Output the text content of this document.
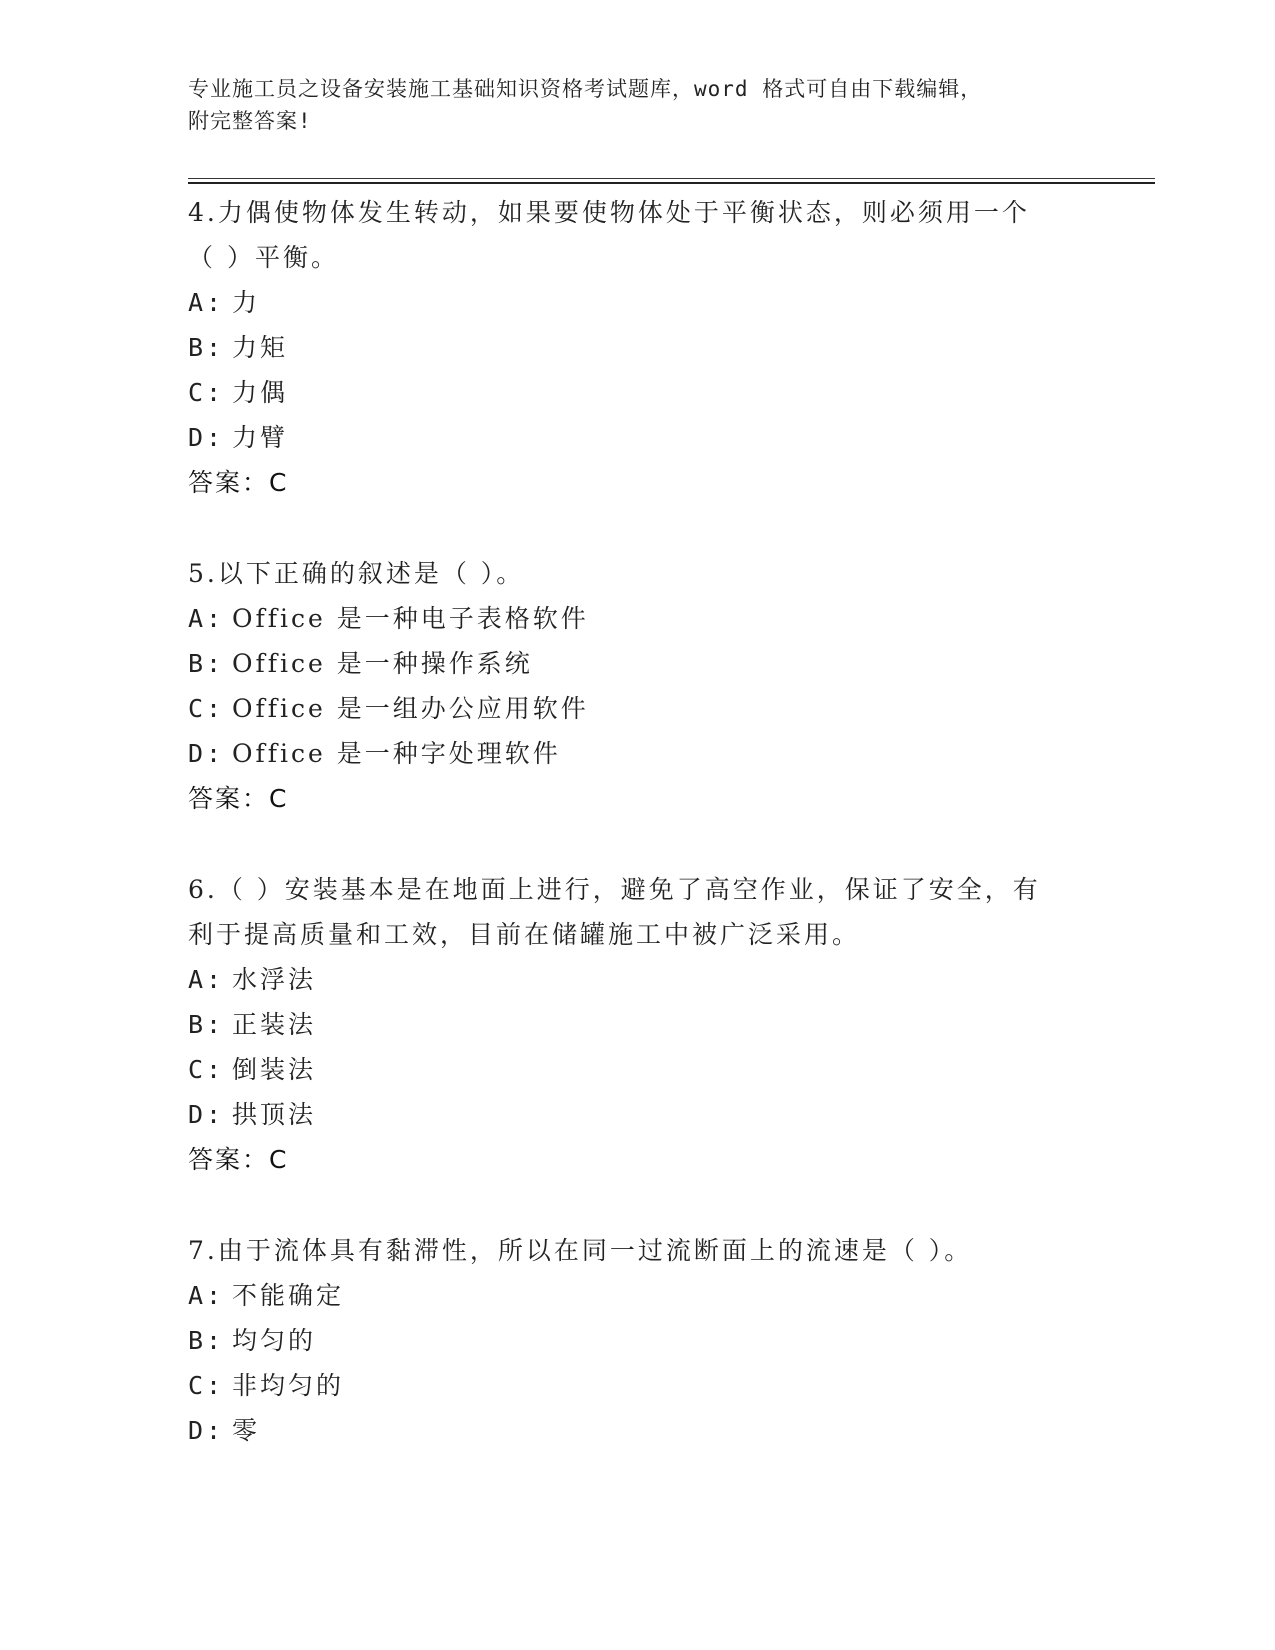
专业施工员之设备安装施工基础知识资格考试题库，word 格式可自由下载编辑，
附完整答案!
4.力偶使物体发生转动，如果要使物体处于平衡状态，则必须用一个
（ ）平衡。
A: 力
B: 力矩
C: 力偶
D: 力臂
答案：C
5.以下正确的叙述是（ ）。
A: Office 是一种电子表格软件
B: Office 是一种操作系统
C: Office 是一组办公应用软件
D: Office 是一种字处理软件
答案：C
6.（ ）安装基本是在地面上进行，避免了高空作业，保证了安全，有
利于提高质量和工效，目前在储罐施工中被广泛采用。
A: 水浮法
B: 正装法
C: 倒装法
D: 拱顶法
答案：C
7.由于流体具有黏滞性，所以在同一过流断面上的流速是（ ）。
A: 不能确定
B: 均匀的
C: 非均匀的
D: 零
